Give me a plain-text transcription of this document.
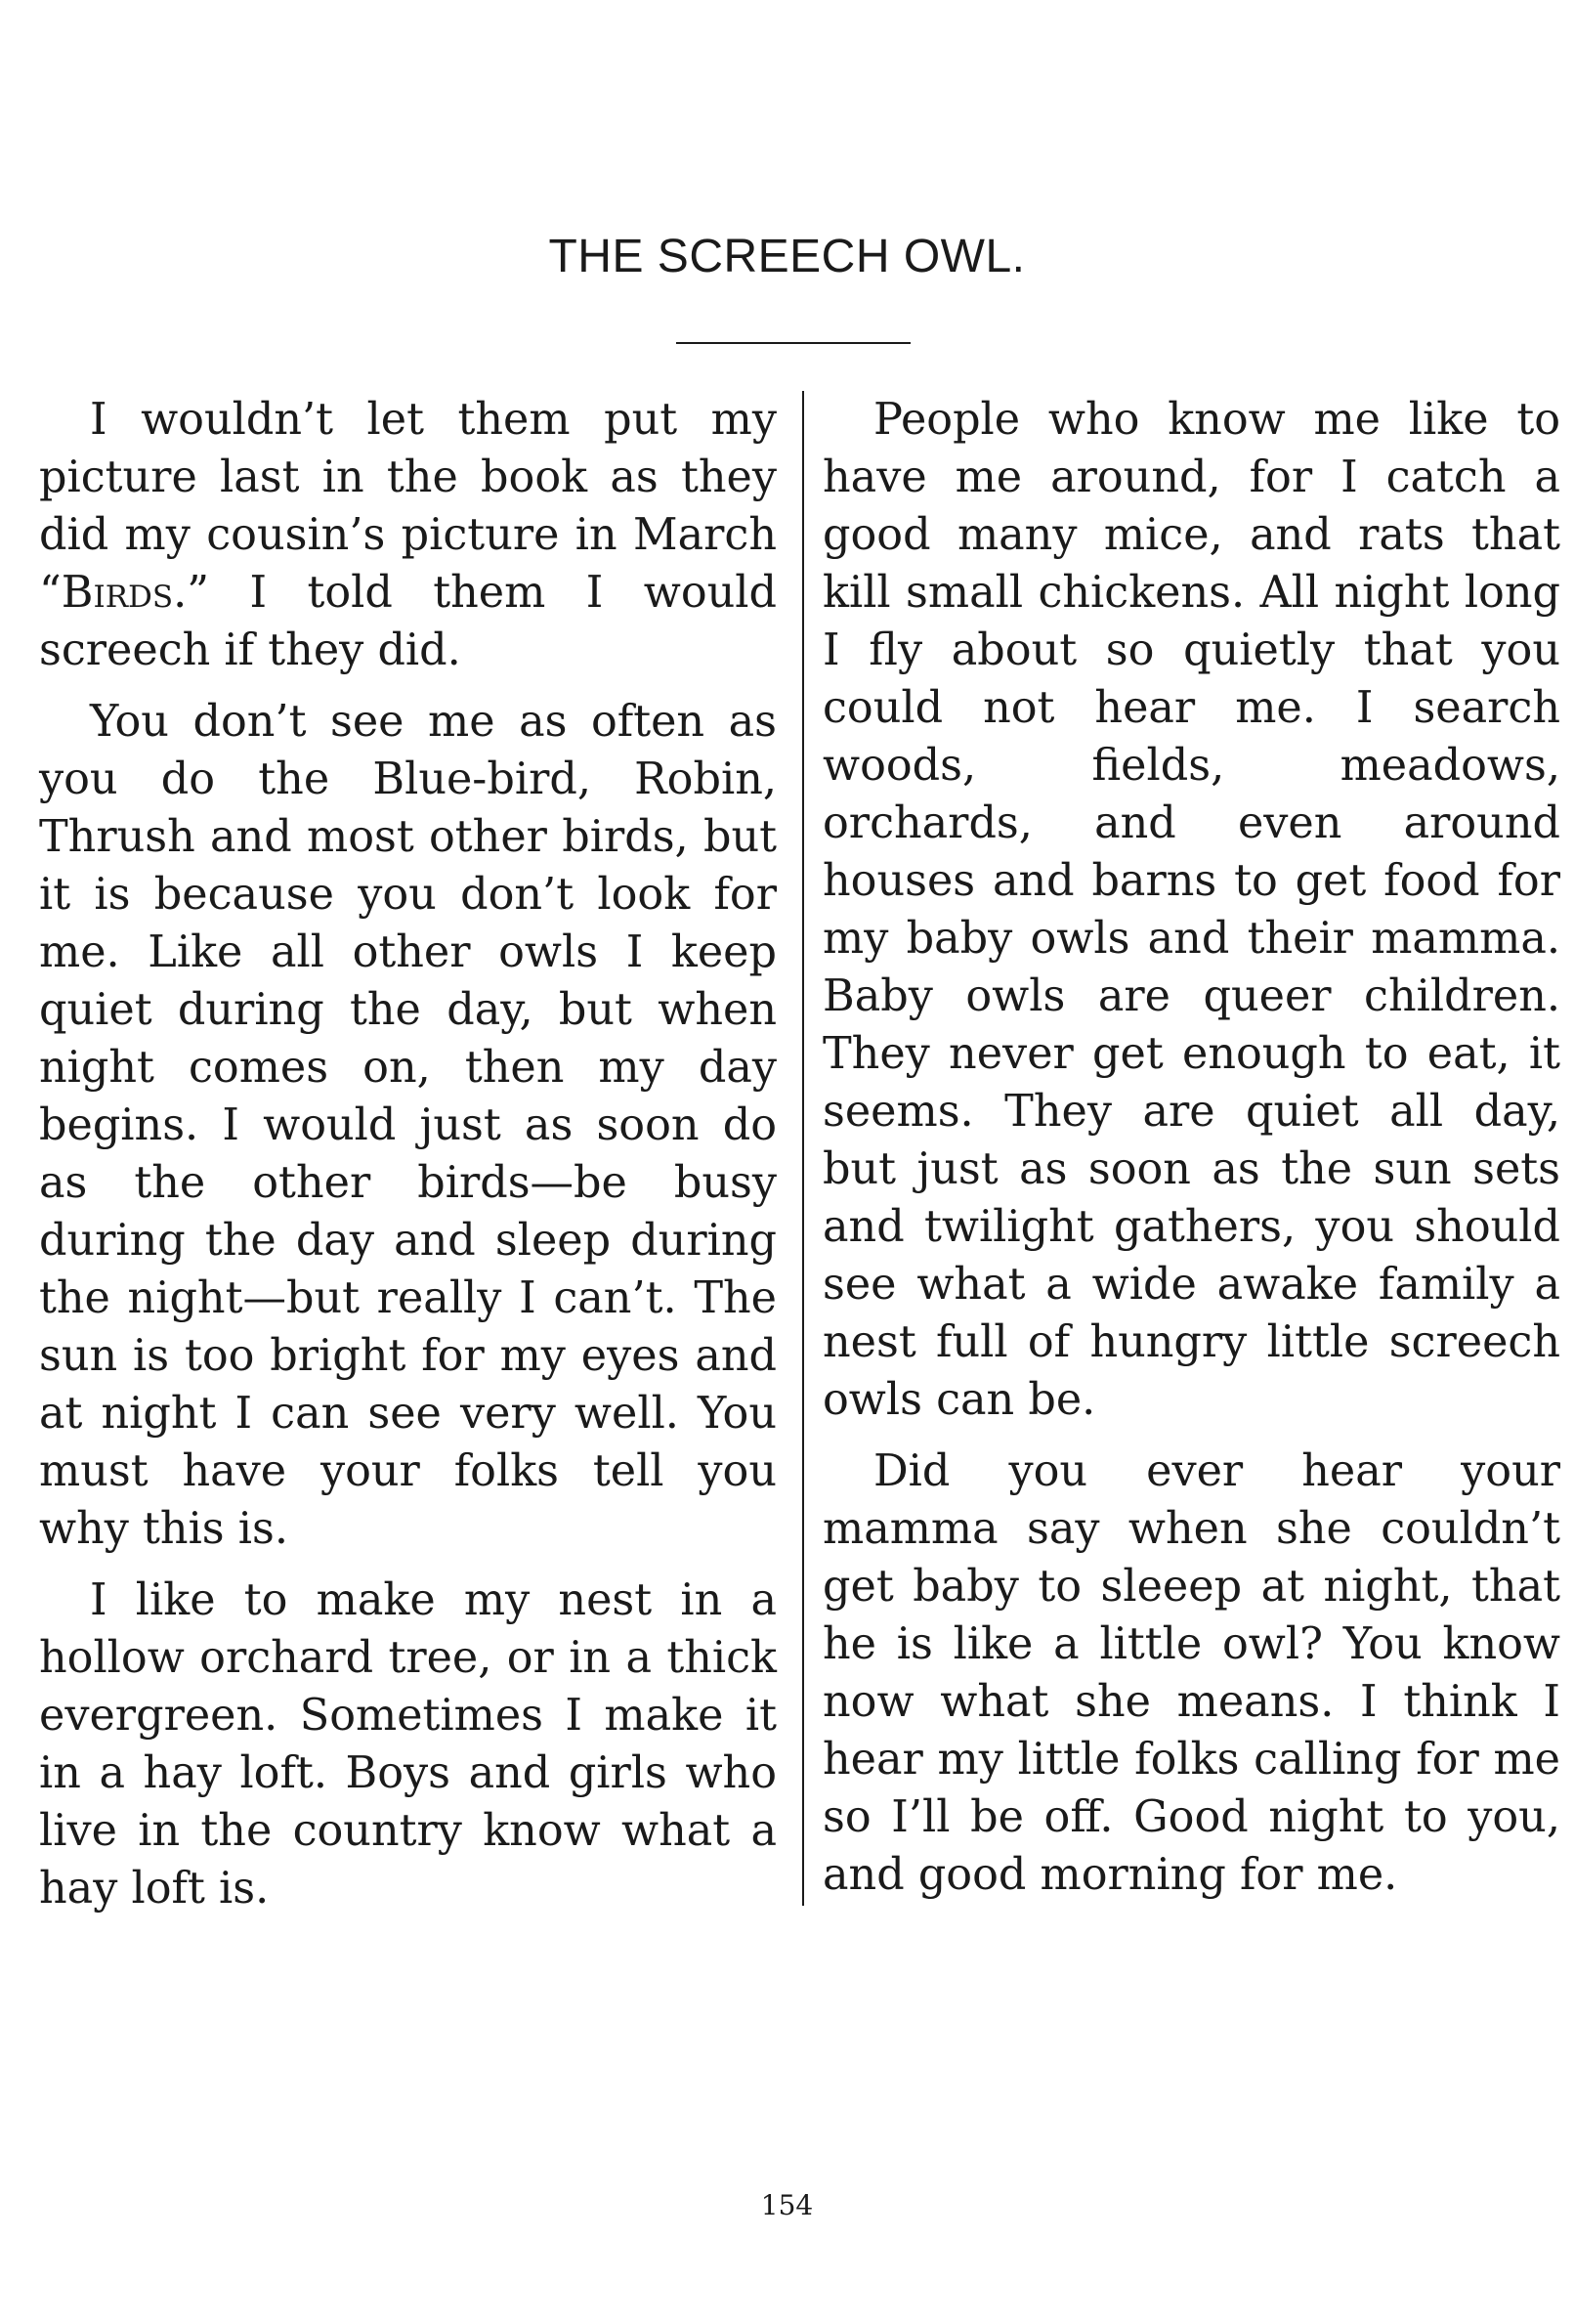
THE SCREECH OWL.

I wouldn’t let them put my picture last in the book as they did my cousin’s picture in March “Birds.” I told them I would screech if they did.

You don’t see me as often as you do the Blue-bird, Robin, Thrush and most other birds, but it is because you don’t look for me. Like all other owls I keep quiet during the day, but when night comes on, then my day begins. I would just as soon do as the other birds—be busy during the day and sleep during the night—but really I can’t. The sun is too bright for my eyes and at night I can see very well. You must have your folks tell you why this is.

I like to make my nest in a hollow orchard tree, or in a thick evergreen. Sometimes I make it in a hay loft. Boys and girls who live in the country know what a hay loft is.

People who know me like to have me around, for I catch a good many mice, and rats that kill small chickens. All night long I fly about so quietly that you could not hear me. I search woods, fields, meadows, orchards, and even around houses and barns to get food for my baby owls and their mamma. Baby owls are queer children. They never get enough to eat, it seems. They are quiet all day, but just as soon as the sun sets and twilight gathers, you should see what a wide awake family a nest full of hungry little screech owls can be.

Did you ever hear your mamma say when she couldn’t get baby to sleeep at night, that he is like a little owl? You know now what she means. I think I hear my little folks calling for me so I’ll be off. Good night to you, and good morning for me.

154
